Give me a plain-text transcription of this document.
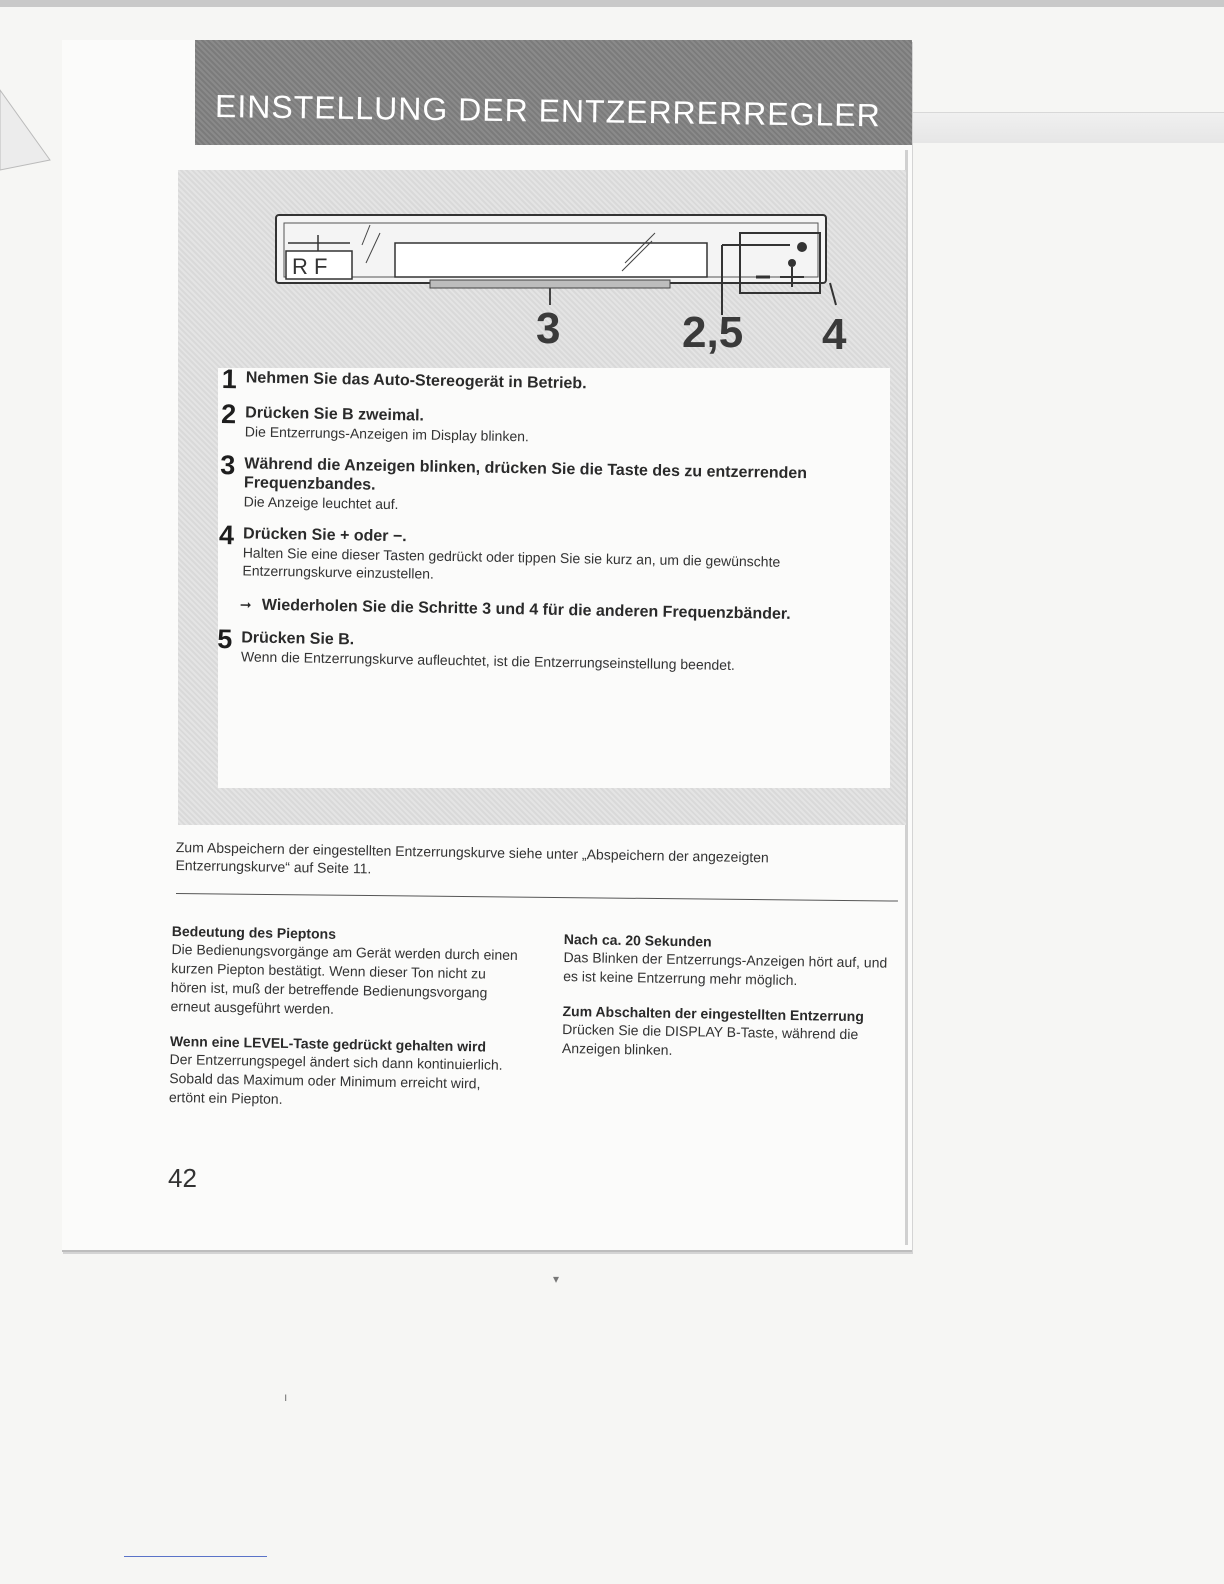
EINSTELLUNG DER ENTZERRERREGLER
R F
3	2,5 4
1 Nehmen Sie das Auto-Stereogerät in Betrieb.
2 Drücken Sie B zweimal.
Die Entzerrungs-Anzeigen im Display blinken.
3 Während die Anzeigen blinken, drücken Sie die Taste des zu entzerrenden Frequenzbandes.
Die Anzeige leuchtet auf.
4 Drücken Sie + oder −.
Halten Sie eine dieser Tasten gedrückt oder tippen Sie sie kurz an, um die gewünschte Entzerrungskurve einzustellen.
➞ Wiederholen Sie die Schritte 3 und 4 für die anderen Frequenzbänder.
5 Drücken Sie B.
Wenn die Entzerrungskurve aufleuchtet, ist die Entzerrungseinstellung beendet.
Zum Abspeichern der eingestellten Entzerrungskurve siehe unter „Abspeichern der angezeigten Entzerrungskurve“ auf Seite 11.
Bedeutung des Pieptons
Die Bedienungsvorgänge am Gerät werden durch einen kurzen Piepton bestätigt. Wenn dieser Ton nicht zu hören ist, muß der betreffende Bedienungsvorgang erneut ausgeführt werden.
Wenn eine LEVEL-Taste gedrückt gehalten wird
Der Entzerrungspegel ändert sich dann kontinuierlich. Sobald das Maximum oder Minimum erreicht wird, ertönt ein Piepton.
Nach ca. 20 Sekunden
Das Blinken der Entzerrungs-Anzeigen hört auf, und es ist keine Entzerrung mehr möglich.
Zum Abschalten der eingestellten Entzerrung
Drücken Sie die DISPLAY B-Taste, während die Anzeigen blinken.
42
▾
ı
